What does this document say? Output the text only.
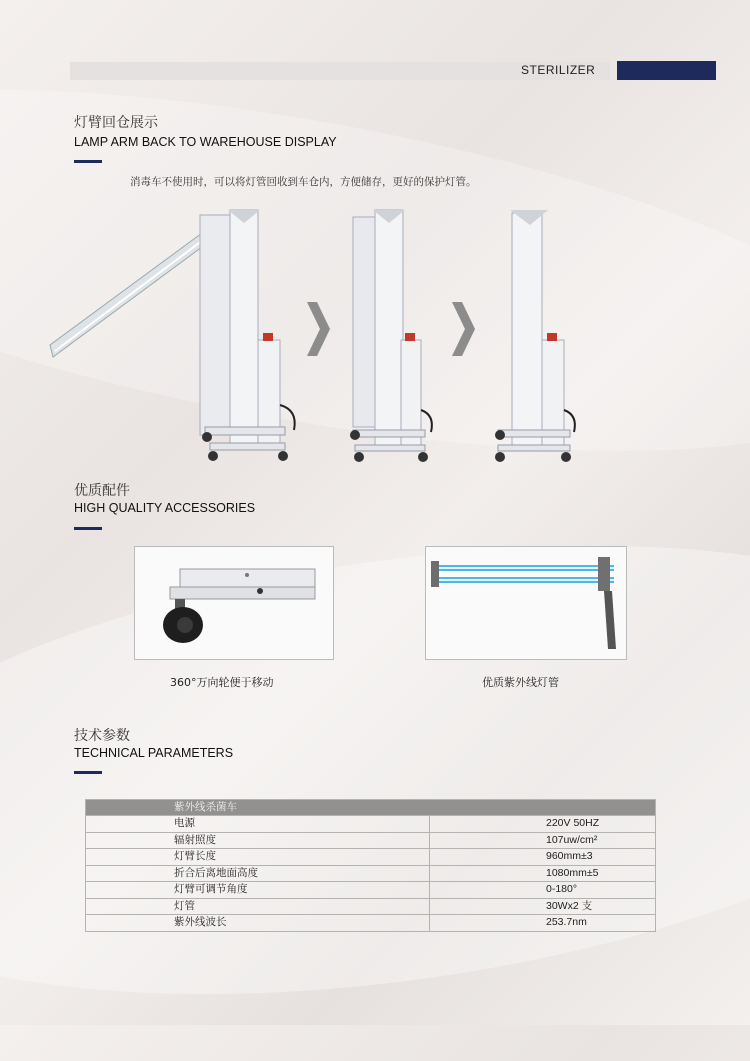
STERILIZER
灯臂回仓展示
LAMP ARM BACK TO WAREHOUSE DISPLAY
消毒车不使用时，可以将灯管回收到车仓内，方便储存，更好的保护灯管。
优质配件
HIGH QUALITY ACCESSORIES
360°万向轮便于移动	优质紫外线灯管
技术参数
TECHNICAL PARAMETERS
紫外线杀菌车	
电源	220V 50HZ
辐射照度	107uw/cm²
灯臂长度	960mm±3
折合后离地面高度	1080mm±5
灯臂可调节角度	0-180°
灯管	30Wx2 支
紫外线波长	253.7nm
